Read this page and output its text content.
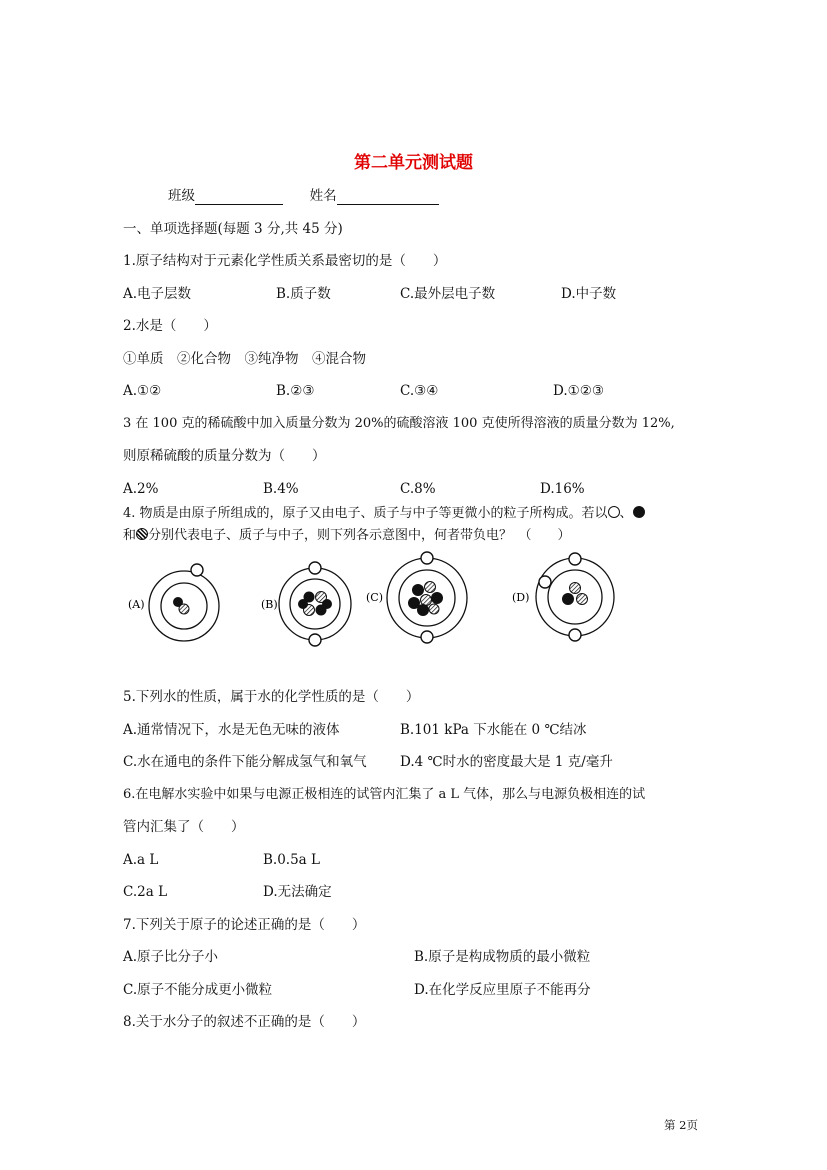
第二单元测试题
班级	姓名
一、单项选择题(每题 3 分,共 45 分)
1.原子结构对于元素化学性质关系最密切的是（　　）
A.电子层数	B.质子数	C.最外层电子数	D.中子数
2.水是（　　）
①单质　②化合物　③纯净物　④混合物
A.①②	B.②③	C.③④	D.①②③
3 在 100 克的稀硫酸中加入质量分数为 20%的硫酸溶液 100 克使所得溶液的质量分数为 12%,
则原稀硫酸的质量分数为（　　）
A.2%	B.4%	C.8%	D.16%
4. 物质是由原子所组成的，原子又由电子、质子与中子等更微小的粒子所构成。若以 、
和 分别代表电子、质子与中子，则下列各示意图中，何者带负电？　（　　）
(A)	(B)
(C)	(D)
5.下列水的性质，属于水的化学性质的是（　　）
A.通常情况下，水是无色无味的液体	B.101 kPa 下水能在 0 ℃结冰
C.水在通电的条件下能分解成氢气和氧气 D.4 ℃时水的密度最大是 1 克/毫升
6.在电解水实验中如果与电源正极相连的试管内汇集了 a L 气体，那么与电源负极相连的试
管内汇集了（　　）
A.a L	B.0.5a L
C.2a L	D.无法确定
7.下列关于原子的论述正确的是（　　）
A.原子比分子小	B.原子是构成物质的最小微粒
C.原子不能分成更小微粒	D.在化学反应里原子不能再分
8.关于水分子的叙述不正确的是（　　）
第 2页
